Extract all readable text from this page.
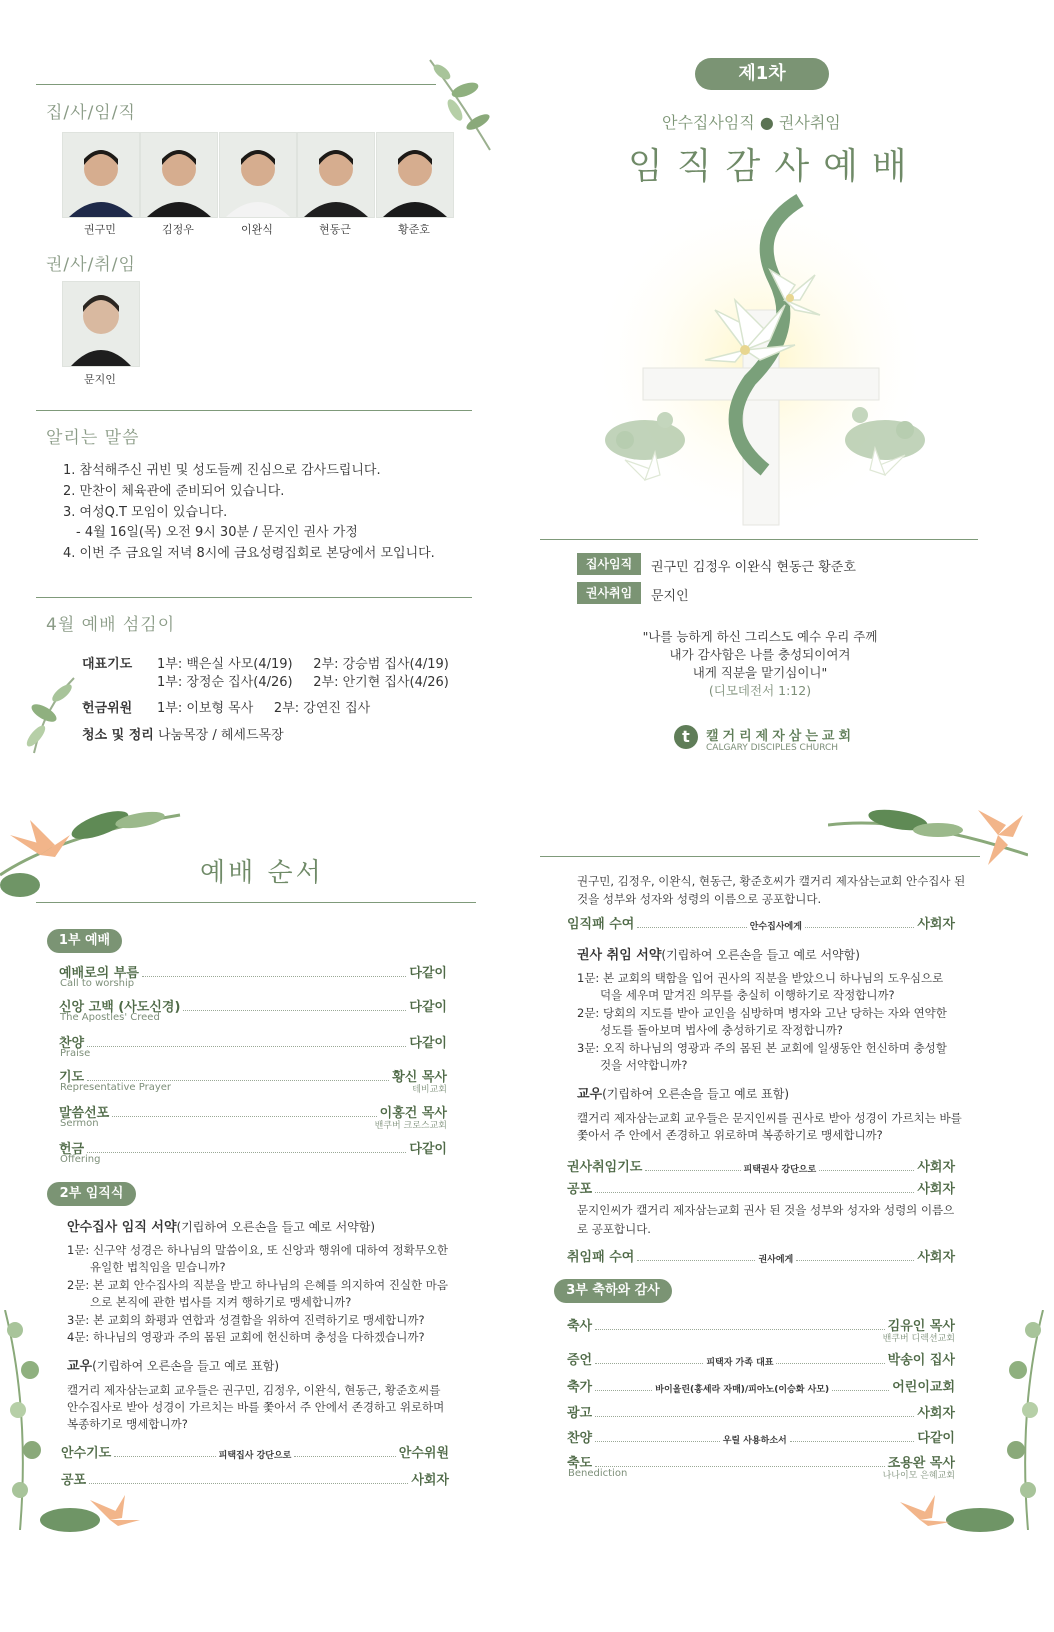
집/사/임/직
권구민	김정우	이완식	현동근	황준호
권/사/취/임
문지인
알리는 말씀
1. 참석해주신 귀빈 및 성도들께 진심으로 감사드립니다.
2. 만찬이 체육관에 준비되어 있습니다.
3. 여성Q.T 모임이 있습니다.
- 4월 16일(목) 오전 9시 30분 / 문지인 권사 가정
4. 이번 주 금요일 저녁 8시에 금요성령집회로 본당에서 모입니다.
4월 예배 섬김이
대표기도 1부: 백은실 사모(4/19)     2부: 강승범 집사(4/19)
1부: 장정순 집사(4/26)     2부: 안기현 집사(4/26)
헌금위원 1부: 이보형 목사     2부: 강연진 집사
청소 및 정리 나눔목장 / 헤세드목장
제1차
안수집사임직 ● 권사취임
임직감사예배
집사임직	권구민 김정우 이완식 현동근 황준호
권사취임	문지인
"나를 능하게 하신 그리스도 예수 우리 주께
내가 감사함은 나를 충성되이여겨
내게 직분을 맡기심이니"
(디모데전서 1:12)
t	캘거리제자삼는교회
CALGARY DISCIPLES CHURCH
예배 순서
1부 예배
예배로의 부름	다같이
Call to worship
신앙 고백 (사도신경)	다같이
The Apostles' Creed
찬양	다같이
Praise
기도	황신 목사
Representative Prayer	테비교회
말씀선포	이홍건 목사
Sermon	밴쿠버 크로스교회
헌금	다같이
Offering
2부 임직식
안수집사 임직 서약(기립하여 오른손을 들고 예로 서약함)
1문: 신구약 성경은 하나님의 말씀이요, 또 신앙과 행위에 대하여 정확무오한
유일한 법칙임을 믿습니까?
2문: 본 교회 안수집사의 직분을 받고 하나님의 은혜를 의지하여 진실한 마음
으로 본직에 관한 법사를 지켜 행하기로 맹세합니까?
3문: 본 교회의 화평과 연합과 성결함을 위하여 진력하기로 맹세합니까?
4문: 하나님의 영광과 주의 몸된 교회에 헌신하며 충성을 다하겠습니까?
교우(기립하여 오른손을 들고 예로 표함)
캘거리 제자삼는교회 교우들은 권구민, 김정우, 이완식, 현동근, 황준호씨를
안수집사로 받아 성경이 가르치는 바를 쫓아서 주 안에서 존경하고 위로하며
복종하기로 맹세합니까?
안수기도	피택집사 강단으로	안수위원
공포	사회자
권구민, 김정우, 이완식, 현동근, 황준호씨가 캘거리 제자삼는교회 안수집사 된
것을 성부와 성자와 성령의 이름으로 공포합니다.
임직패 수여	안수집사에게	사회자
권사 취임 서약(기립하여 오른손을 들고 예로 서약함)
1문: 본 교회의 택함을 입어 권사의 직분을 받았으니 하나님의 도우심으로
덕을 세우며 맡겨진 의무를 충실히 이행하기로 작정합니까?
2문: 당회의 지도를 받아 교인을 심방하며 병자와 고난 당하는 자와 연약한
성도를 돌아보며 법사에 충성하기로 작정합니까?
3문: 오직 하나님의 영광과 주의 몸된 본 교회에 일생동안 헌신하며 충성할
것을 서약합니까?
교우(기립하여 오른손을 들고 예로 표함)
캘거리 제자삼는교회 교우들은 문지인씨를 권사로 받아 성경이 가르치는 바를
쫓아서 주 안에서 존경하고 위로하며 복종하기로 맹세합니까?
권사취임기도	피택권사 강단으로	사회자
공포	사회자
문지인씨가 캘거리 제자삼는교회 권사 된 것을 성부와 성자와 성령의 이름으
로 공포합니다.
취임패 수여	권사에게	사회자
3부 축하와 감사
축사	김유인 목사
밴쿠버 디렉션교회
증언	피택자 가족 대표	박송이 집사
축가	바이올린(홍세라 자매)/피아노(이승화 사모)	어린이교회
광고	사회자
찬양	우릴 사용하소서	다같이
축도	조용완 목사
나나이모 은혜교회
Benediction
